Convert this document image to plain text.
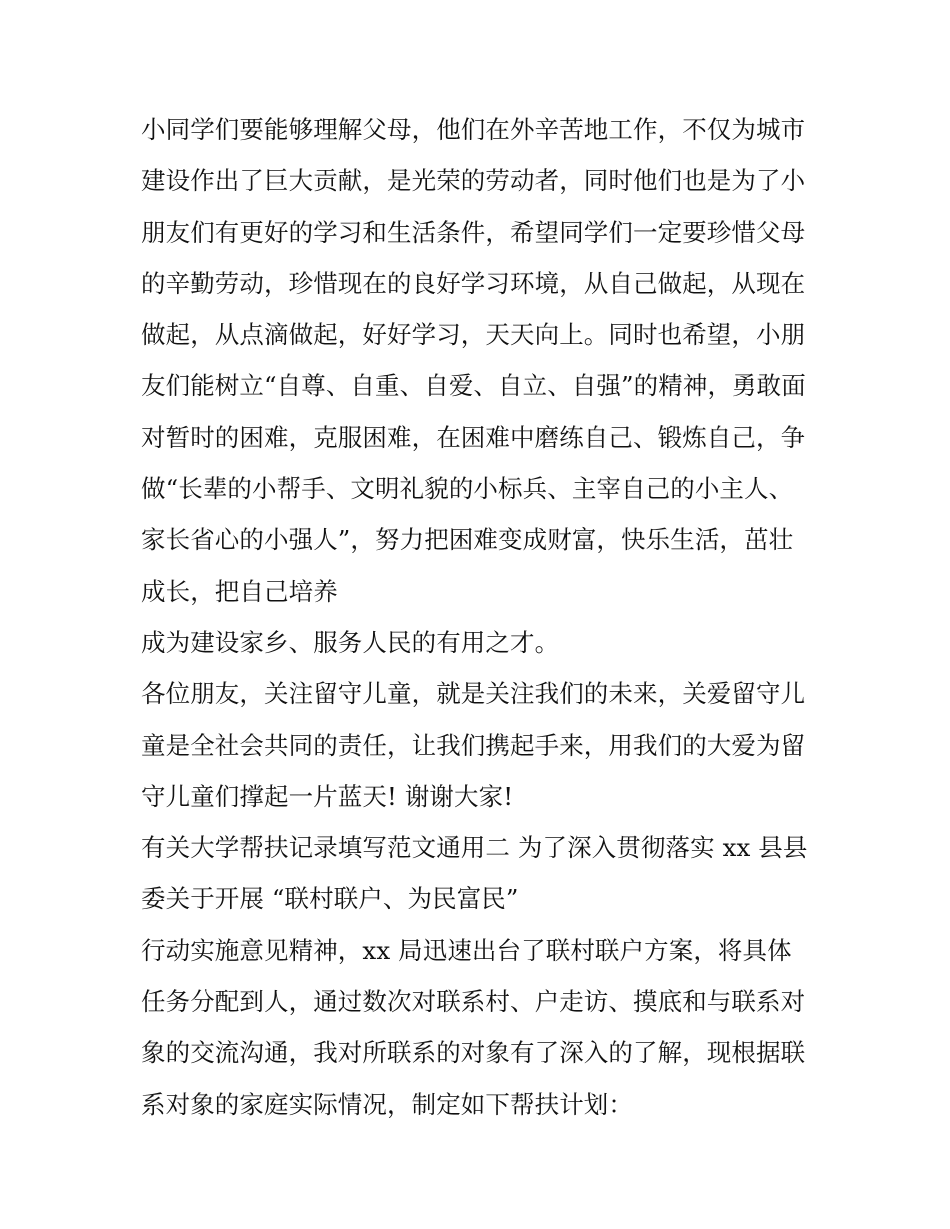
小同学们要能够理解父母，他们在外辛苦地工作，不仅为城市
建设作出了巨大贡献，是光荣的劳动者，同时他们也是为了小
朋友们有更好的学习和生活条件，希望同学们一定要珍惜父母
的辛勤劳动，珍惜现在的良好学习环境，从自己做起，从现在
做起，从点滴做起，好好学习，天天向上。同时也希望，小朋
友们能树立“自尊、自重、自爱、自立、自强”的精神，勇敢面
对暂时的困难，克服困难，在困难中磨练自己、锻炼自己，争
做“长辈的小帮手、文明礼貌的小标兵、主宰自己的小主人、
家长省心的小强人”，努力把困难变成财富，快乐生活，茁壮
成长，把自己培养
成为建设家乡、服务人民的有用之才。
各位朋友，关注留守儿童，就是关注我们的未来，关爱留守儿
童是全社会共同的责任，让我们携起手来，用我们的大爱为留
守儿童们撑起一片蓝天! 谢谢大家!
有关大学帮扶记录填写范文通用二 为了深入贯彻落实 xx 县县
委关于开展 “联村联户、为民富民”
行动实施意见精神，xx 局迅速出台了联村联户方案，将具体
任务分配到人，通过数次对联系村、户走访、摸底和与联系对
象的交流沟通，我对所联系的对象有了深入的了解，现根据联
系对象的家庭实际情况，制定如下帮扶计划：
